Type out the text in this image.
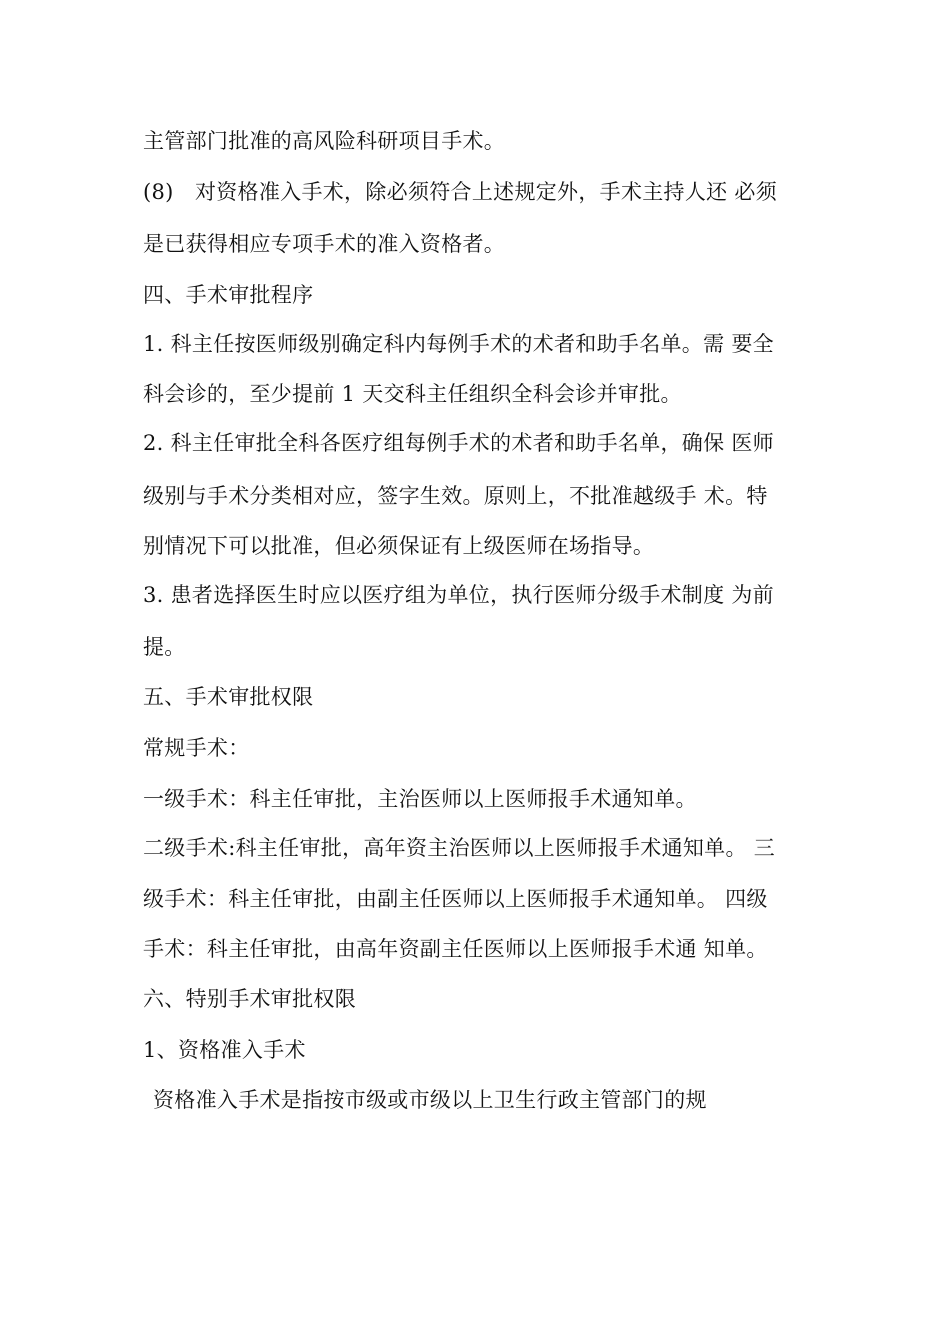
主管部门批准的高风险科研项目手术。
(8)　对资格准入手术，除必须符合上述规定外，手术主持人还 必须
是已获得相应专项手术的准入资格者。
四、手术审批程序
1. 科主任按医师级别确定科内每例手术的术者和助手名单。需 要全
科会诊的，至少提前 1 天交科主任组织全科会诊并审批。
2. 科主任审批全科各医疗组每例手术的术者和助手名单，确保 医师
级别与手术分类相对应，签字生效。原则上，不批准越级手 术。特
别情况下可以批准，但必须保证有上级医师在场指导。
3. 患者选择医生时应以医疗组为单位，执行医师分级手术制度 为前
提。
五、手术审批权限
常规手术：
一级手术：科主任审批，主治医师以上医师报手术通知单。
二级手术:科主任审批，高年资主治医师以上医师报手术通知单。 三
级手术：科主任审批，由副主任医师以上医师报手术通知单。 四级
手术：科主任审批，由高年资副主任医师以上医师报手术通 知单。
六、特别手术审批权限
1、资格准入手术
资格准入手术是指按市级或市级以上卫生行政主管部门的规
